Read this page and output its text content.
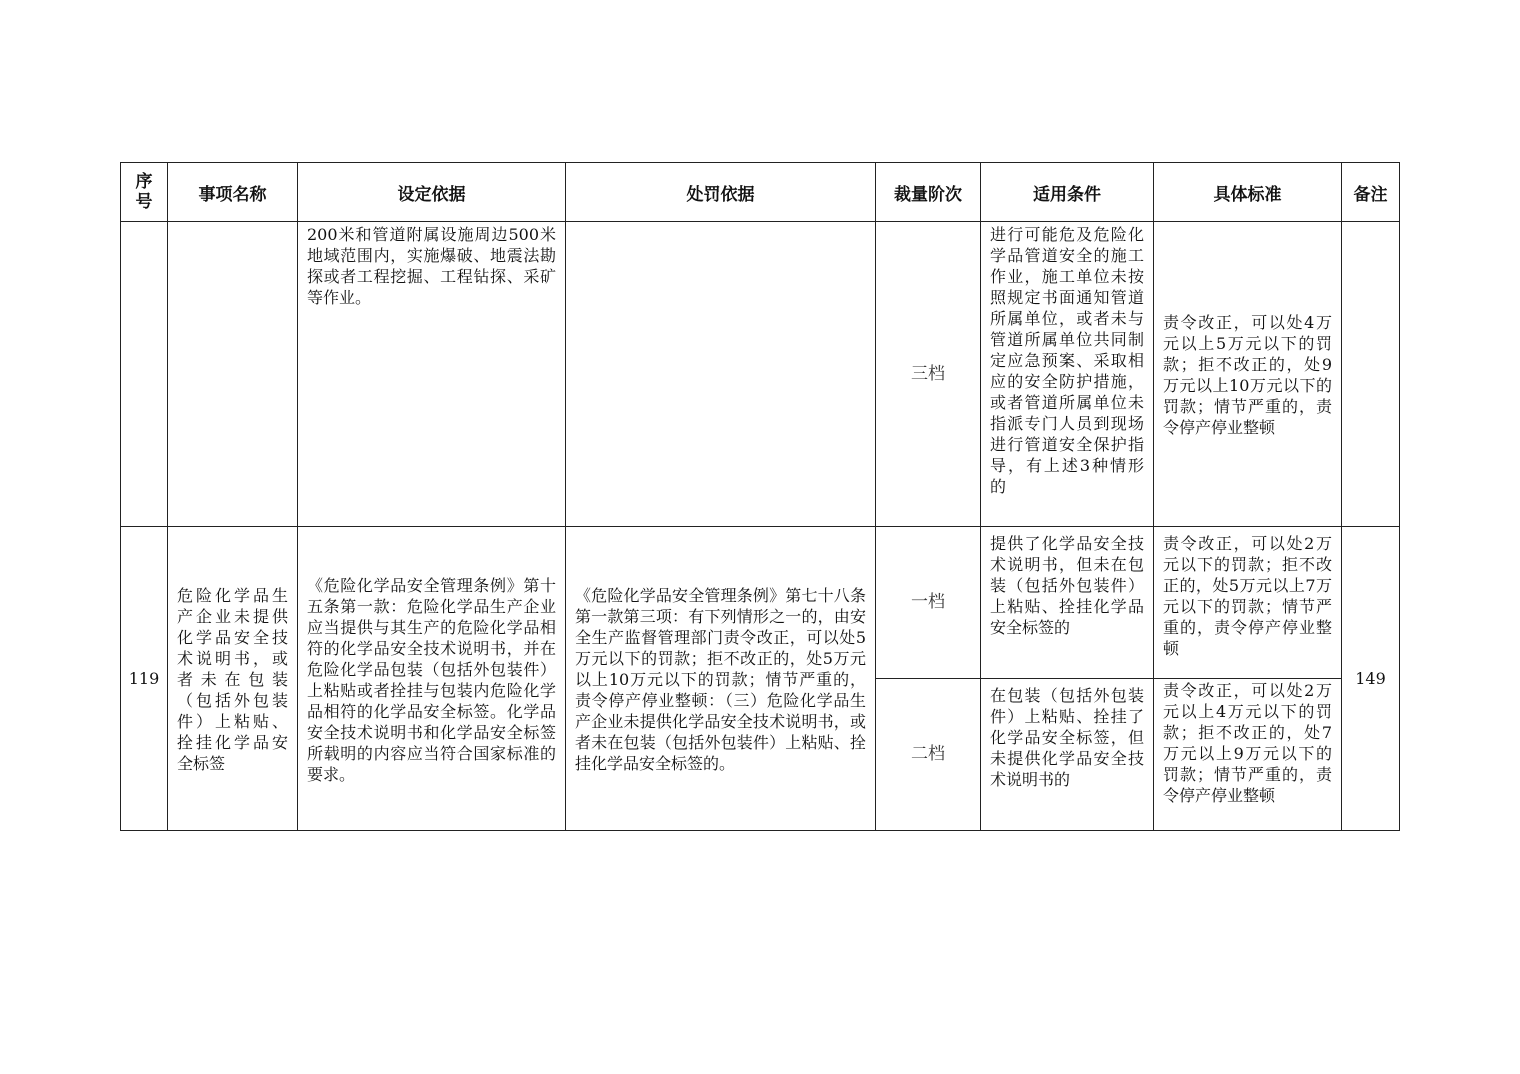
序
号	事项名称	设定依据	处罚依据	裁量阶次	适用条件	具体标准	备注

		200米和管道附属设施周边500米地域范围内，实施爆破、地震法勘探或者工程挖掘、工程钻探、采矿等作业。		三档	进行可能危及危险化学品管道安全的施工作业，施工单位未按照规定书面通知管道所属单位，或者未与管道所属单位共同制定应急预案、采取相应的安全防护措施，或者管道所属单位未指派专门人员到现场进行管道安全保护指导，有上述3种情形的	责令改正，可以处4万元以上5万元以下的罚款；拒不改正的，处9万元以上10万元以下的罚款；情节严重的，责令停产停业整顿	

119	危险化学品生产企业未提供化学品安全技术说明书，或者未在包装（包括外包装件）上粘贴、拴挂化学品安全标签	《危险化学品安全管理条例》第十五条第一款：危险化学品生产企业应当提供与其生产的危险化学品相符的化学品安全技术说明书，并在危险化学品包装（包括外包装件）上粘贴或者拴挂与包装内危险化学品相符的化学品安全标签。化学品安全技术说明书和化学品安全标签所载明的内容应当符合国家标准的要求。	《危险化学品安全管理条例》第七十八条第一款第三项：有下列情形之一的，由安全生产监督管理部门责令改正，可以处5万元以下的罚款；拒不改正的，处5万元以上10万元以下的罚款；情节严重的，责令停产停业整顿：（三）危险化学品生产企业未提供化学品安全技术说明书，或者未在包装（包括外包装件）上粘贴、拴挂化学品安全标签的。	一档	提供了化学品安全技术说明书，但未在包装（包括外包装件）上粘贴、拴挂化学品安全标签的	责令改正，可以处2万元以下的罚款；拒不改正的，处5万元以上7万元以下的罚款；情节严重的，责令停产停业整顿	149
				二档	在包装（包括外包装件）上粘贴、拴挂了化学品安全标签，但未提供化学品安全技术说明书的	责令改正，可以处2万元以上4万元以下的罚款；拒不改正的，处7万元以上9万元以下的罚款；情节严重的，责令停产停业整顿	
